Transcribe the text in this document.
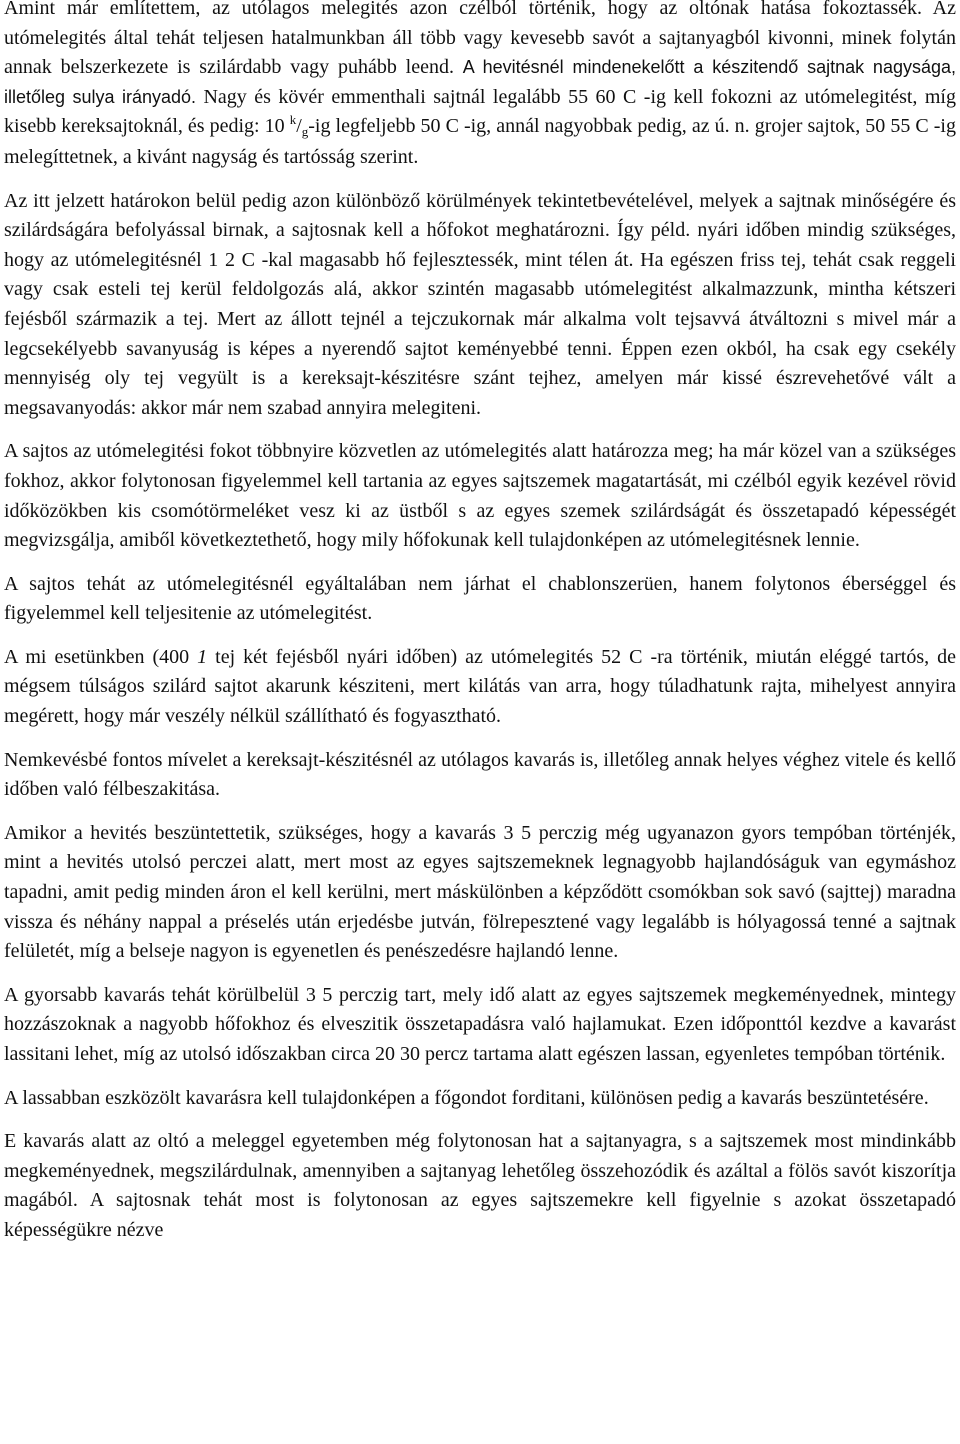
Amint már említettem, az utólagos melegités azon czélból történik, hogy az oltónak hatása fokoztassék. Az utómelegités által tehát teljesen hatalmunkban áll több vagy kevesebb savót a sajtanyagból kivonni, minek folytán annak belszerkezete is szilárdabb vagy puhább leend. A hevitésnél mindenekelőtt a készitendő sajtnak nagysága, illetőleg sulya irányadó. Nagy és kövér emmenthali sajtnál legalább 55 60 C -ig kell fokozni az utómelegitést, míg kisebb kereksajtoknál, és pedig: 10 $^k/_g-ig$ legfeljebb 50 C -ig, annál nagyobbak pedig, az ú. n. grojer sajtok, 50 55 C -ig melegíttetnek, a kivánt nagyság és tartósság szerint.

Az itt jelzett határokon belül pedig azon különböző körülmények tekintetbevételével, melyek a sajtnak minőségére és szilárdságára befolyással birnak, a sajtosnak kell a hőfokot meghatározni. Így péld. nyári időben mindig szükséges, hogy az utómelegitésnél 1 2 C -kal magasabb hő fejlesztessék, mint télen át. Ha egészen friss tej, tehát csak reggeli vagy csak esteli tej kerül feldolgozás alá, akkor szintén magasabb utómelegitést alkalmazzunk, mintha kétszeri fejésből származik a tej. Mert az állott tejnél a tejczukornak már alkalma volt tejsavvá átváltozni s mivel már a legcsekélyebb savanyuság is képes a nyerendő sajtot keményebbé tenni. Éppen ezen okból, ha csak egy csekély mennyiség oly tej vegyült is a kereksajt-készitésre szánt tejhez, amelyen már kissé észrevehetővé vált a megsavanyodás: akkor már nem szabad annyira melegiteni.

A sajtos az utómelegitési fokot többnyire közvetlen az utómelegités alatt határozza meg; ha már közel van a szükséges fokhoz, akkor folytonosan figyelemmel kell tartania az egyes sajtszemek magatartását, mi czélból egyik kezével rövid időközökben kis csomótörmeléket vesz ki az üstből s az egyes szemek szilárdságát és összetapadó képességét megvizsgálja, amiből következtethető, hogy mily hőfokunak kell tulajdonképen az utómelegitésnek lennie.

A sajtos tehát az utómelegitésnél egyáltalában nem járhat el chablonszerüen, hanem folytonos éberséggel és figyelemmel kell teljesitenie az utómelegitést.

A mi esetünkben (400 1 tej két fejésből nyári időben) az utómelegités 52 C -ra történik, miután eléggé tartós, de mégsem túlságos szilárd sajtot akarunk késziteni, mert kilátás van arra, hogy túladhatunk rajta, mihelyest annyira megérett, hogy már veszély nélkül szállítható és fogyasztható.

Nemkevésbé fontos mívelet a kereksajt-készitésnél az utólagos kavarás is, illetőleg annak helyes véghez vitele és kellő időben való félbeszakitása.

Amikor a hevités beszüntettetik, szükséges, hogy a kavarás 3 5 perczig még ugyanazon gyors tempóban történjék, mint a hevités utolsó perczei alatt, mert most az egyes sajtszemeknek legnagyobb hajlandóságuk van egymáshoz tapadni, amit pedig minden áron el kell kerülni, mert máskülönben a képződött csomókban sok savó (sajttej) maradna vissza és néhány nappal a préselés után erjedésbe jutván, fölrepesztené vagy legalább is hólyagossá tenné a sajtnak felületét, míg a belseje nagyon is egyenetlen és penészedésre hajlandó lenne.

A gyorsabb kavarás tehát körülbelül 3 5 perczig tart, mely idő alatt az egyes sajtszemek megkeményednek, mintegy hozzászoknak a nagyobb hőfokhoz és elveszitik összetapadásra való hajlamukat. Ezen időponttól kezdve a kavarást lassitani lehet, míg az utolsó időszakban circa 20 30 percz tartama alatt egészen lassan, egyenletes tempóban történik.

A lassabban eszközölt kavarásra kell tulajdonképen a főgondot forditani, különösen pedig a kavarás beszüntetésére.

E kavarás alatt az oltó a meleggel egyetemben még folytonosan hat a sajtanyagra, s a sajtszemek most mindinkább megkeményednek, megszilárdulnak, amennyiben a sajtanyag lehetőleg összehozódik és azáltal a fölös savót kiszorítja magából. A sajtosnak tehát most is folytonosan az egyes sajtszemekre kell figyelnie s azokat összetapadó képességükre nézve
